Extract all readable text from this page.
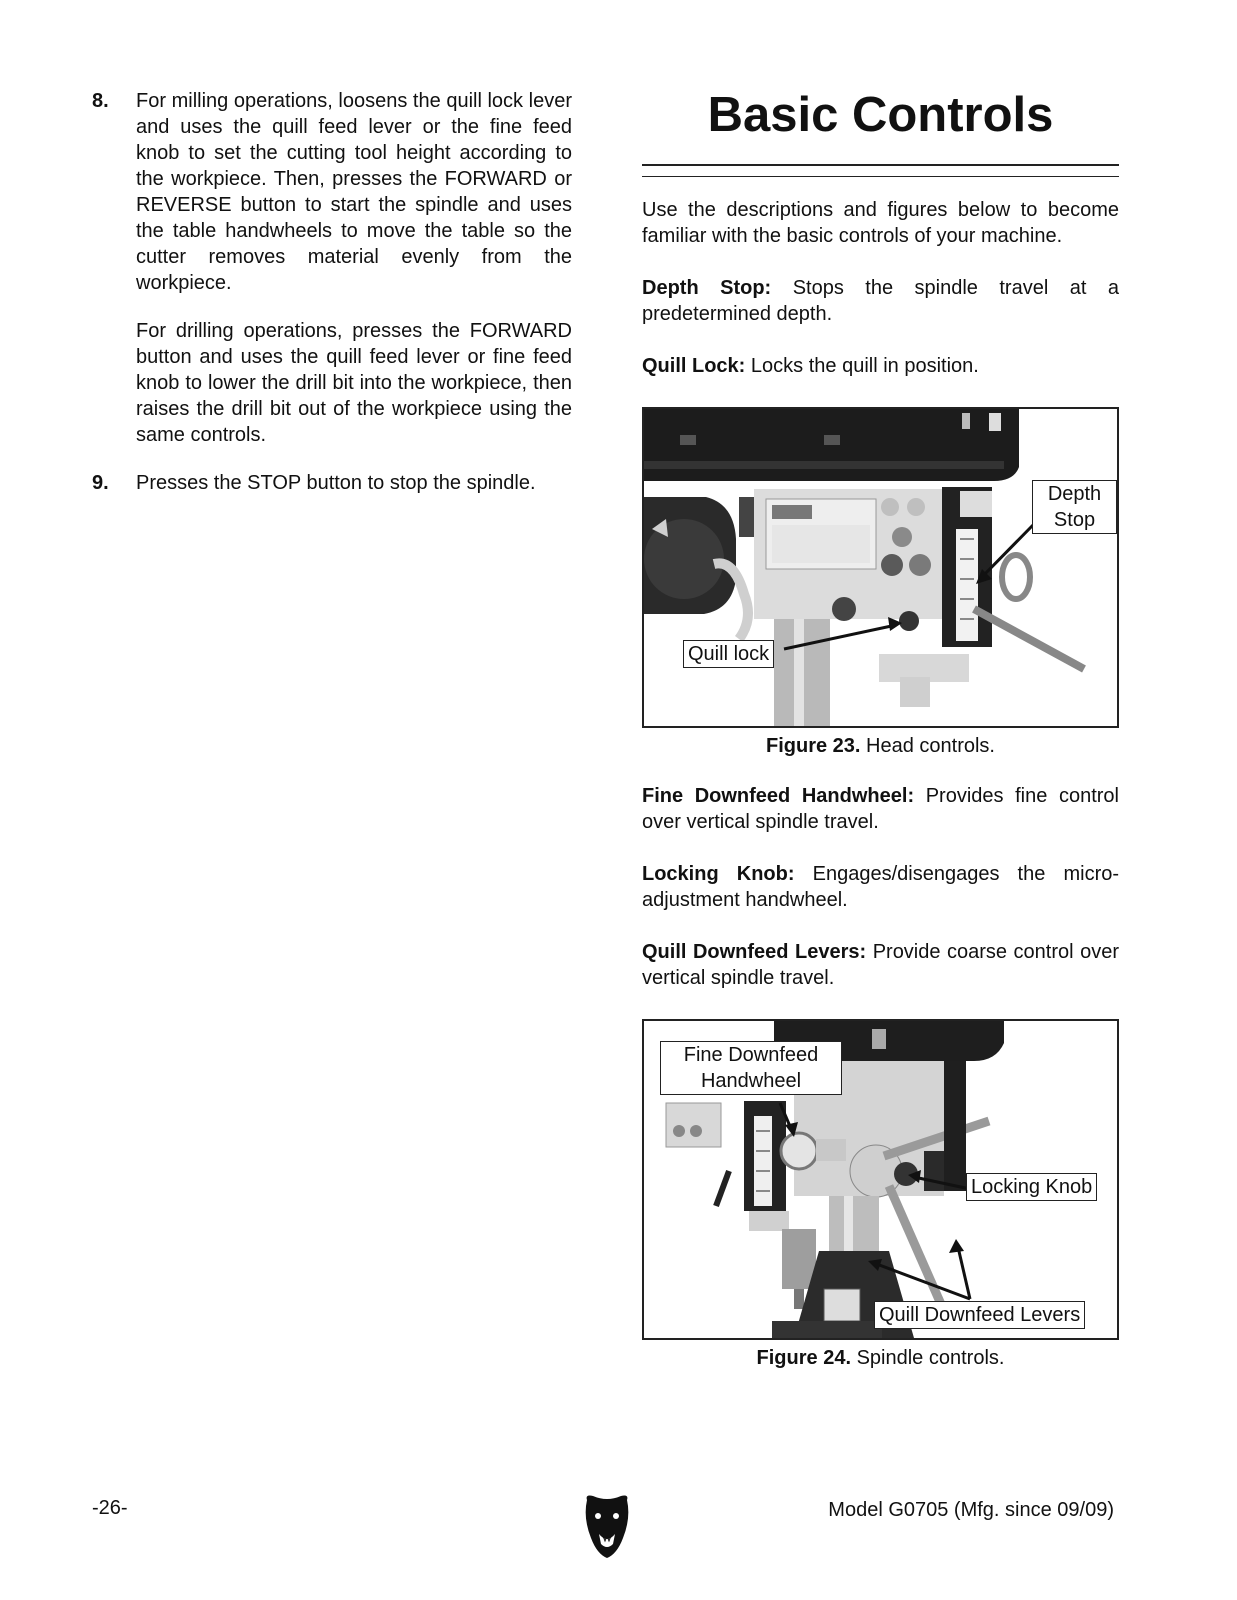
8. For milling operations, loosens the quill lock lever and uses the quill feed lever or the fine feed knob to set the cutting tool height according to the workpiece. Then, presses the FORWARD or REVERSE button to start the spindle and uses the table handwheels to move the table so the cutter removes material evenly from the workpiece.

For drilling operations, presses the FORWARD button and uses the quill feed lever or fine feed knob to lower the drill bit into the workpiece, then raises the drill bit out of the workpiece using the same controls.

9. Presses the STOP button to stop the spindle.

Basic Controls

Use the descriptions and figures below to become familiar with the basic controls of your machine.

Depth Stop: Stops the spindle travel at a predetermined depth.

Quill Lock: Locks the quill in position.

Depth Stop
Quill lock
Figure 23. Head controls.

Fine Downfeed Handwheel: Provides fine control over vertical spindle travel.

Locking Knob: Engages/disengages the micro-adjustment handwheel.

Quill Downfeed Levers: Provide coarse control over vertical spindle travel.

Fine Downfeed Handwheel
Locking Knob
Quill Downfeed Levers
Figure 24. Spindle controls.
-26-	Model G0705 (Mfg. since 09/09)
